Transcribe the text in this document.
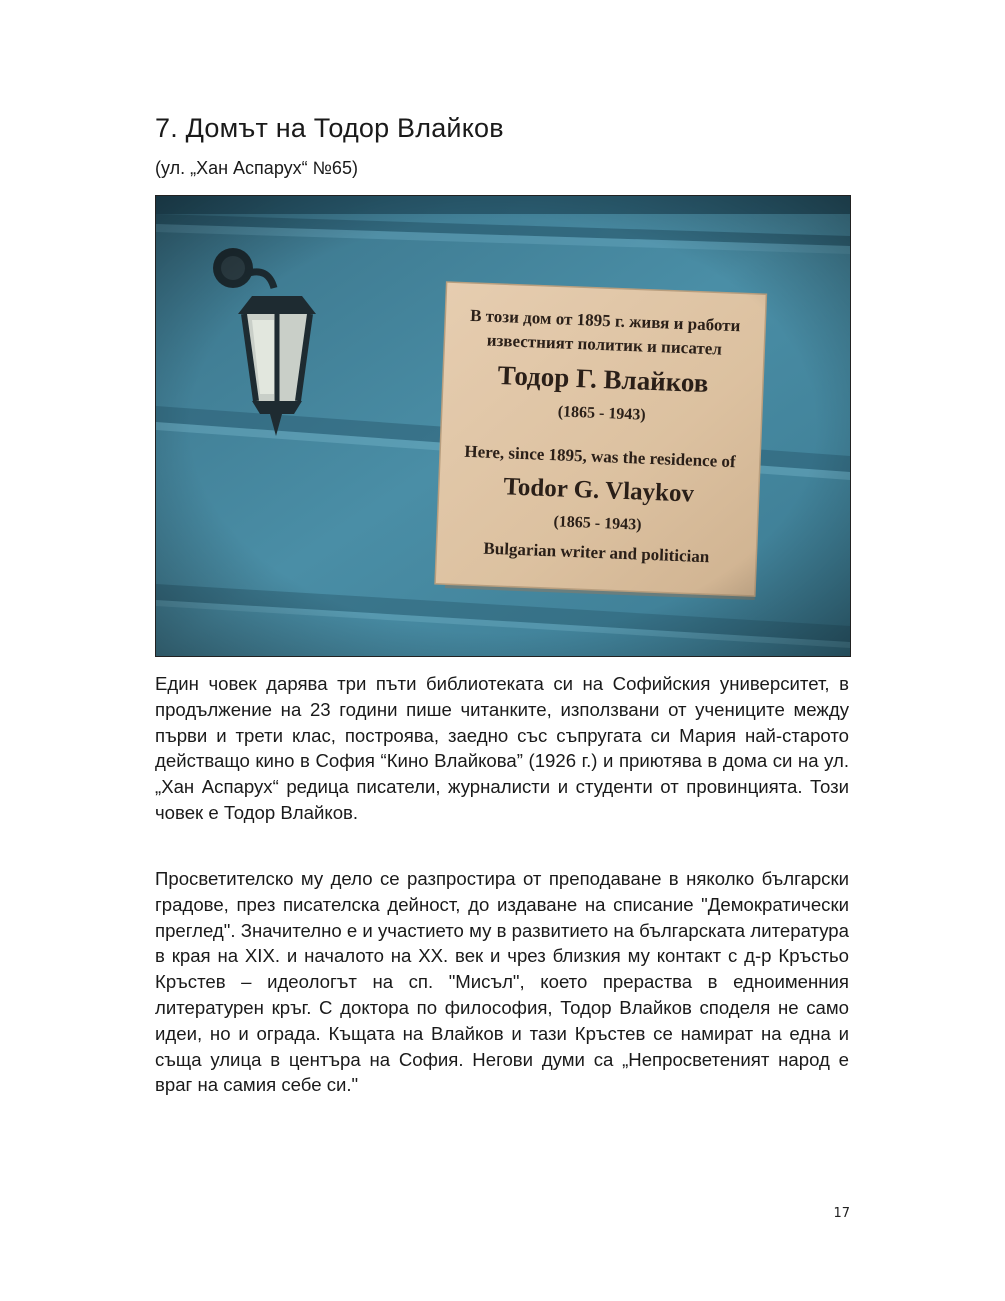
7. Домът на Тодор Влайков

(ул. „Хан Аспарух“ №65)

Един човек дарява три пъти библиотеката си на Софийския университет, в продължение на 23 години пише читанките, използвани от учениците между първи и трети клас, построява, заедно със съпругата си Мария най-старото действащо кино в София “Кино Влайкова” (1926 г.) и приютява в дома си на ул. „Хан Аспарух“ редица писатели, журналисти и студенти от провинцията. Този човек е Тодор Влайков.

Просветителско му дело се разпростира от преподаване в няколко български градове, през писателска дейност, до издаване на списание "Демократически преглед". Значително е и участието му в развитието на българската литература в края на XIX. и началото на XX. век и чрез близкия му контакт с д-р Кръстьо Кръстев – идеологът на сп. "Мисъл", което прераства в едноименния литературен кръг. С доктора по философия, Тодор Влайков споделя не само идеи, но и ограда. Къщата на Влайков и тази Кръстев се намират на една и съща улица в центъра на София. Негови думи са „Непросветеният народ е враг на самия себе си."

17
